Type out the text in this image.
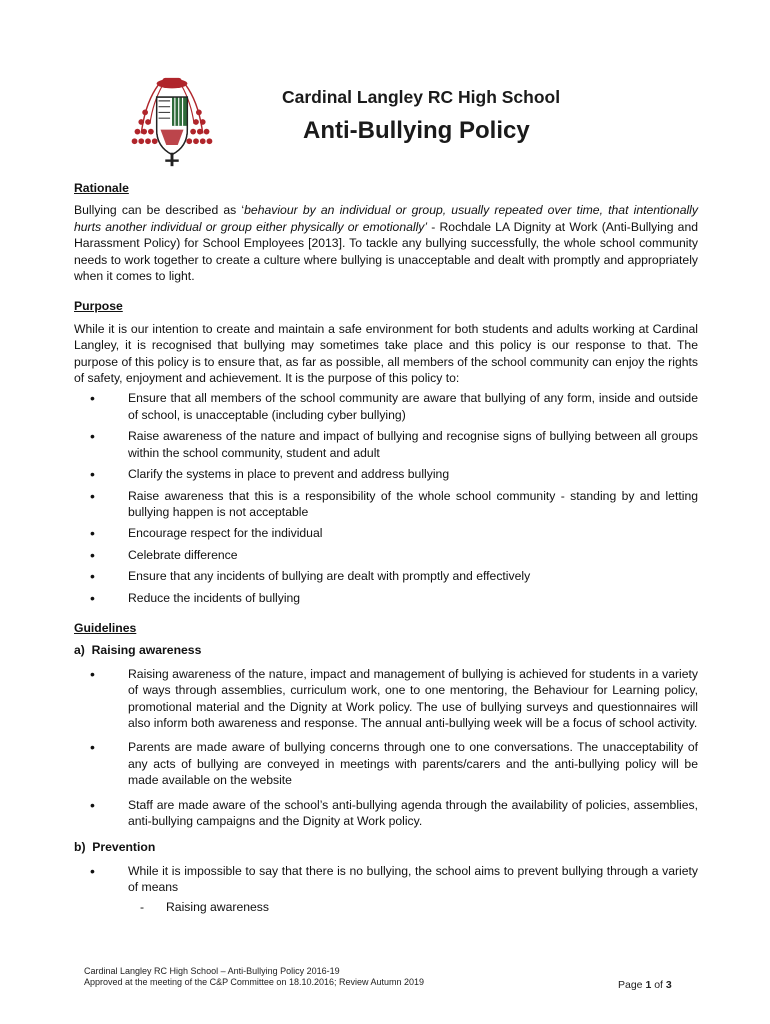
Cardinal Langley RC High School
Anti-Bullying Policy
Rationale

Bullying can be described as ‘behaviour by an individual or group, usually repeated over time, that intentionally hurts another individual or group either physically or emotionally’ - Rochdale LA Dignity at Work (Anti-Bullying and Harassment Policy) for School Employees [2013]. To tackle any bullying successfully, the whole school community needs to work together to create a culture where bullying is unacceptable and dealt with promptly and appropriately when it comes to light.

Purpose

While it is our intention to create and maintain a safe environment for both students and adults working at Cardinal Langley, it is recognised that bullying may sometimes take place and this policy is our response to that. The purpose of this policy is to ensure that, as far as possible, all members of the school community can enjoy the rights of safety, enjoyment and achievement. It is the purpose of this policy to:

• Ensure that all members of the school community are aware that bullying of any form, inside and outside of school, is unacceptable (including cyber bullying)
• Raise awareness of the nature and impact of bullying and recognise signs of bullying between all groups within the school community, student and adult
• Clarify the systems in place to prevent and address bullying
• Raise awareness that this is a responsibility of the whole school community - standing by and letting bullying happen is not acceptable
• Encourage respect for the individual
• Celebrate difference
• Ensure that any incidents of bullying are dealt with promptly and effectively
• Reduce the incidents of bullying
Guidelines
a)  Raising awareness
• Raising awareness of the nature, impact and management of bullying is achieved for students in a variety of ways through assemblies, curriculum work, one to one mentoring, the Behaviour for Learning policy, promotional material and the Dignity at Work policy. The use of bullying surveys and questionnaires will also inform both awareness and response. The annual anti-bullying week will be a focus of school activity.
• Parents are made aware of bullying concerns through one to one conversations. The unacceptability of any acts of bullying are conveyed in meetings with parents/carers and the anti-bullying policy will be made available on the website
• Staff are made aware of the school’s anti-bullying agenda through the availability of policies, assemblies, anti-bullying campaigns and the Dignity at Work policy.
b)  Prevention
• While it is impossible to say that there is no bullying, the school aims to prevent bullying through a variety of means
- Raising awareness
Cardinal Langley RC High School – Anti-Bullying Policy 2016-19
Approved at the meeting of the C&P Committee on 18.10.2016; Review Autumn 2019	Page 1 of 3
